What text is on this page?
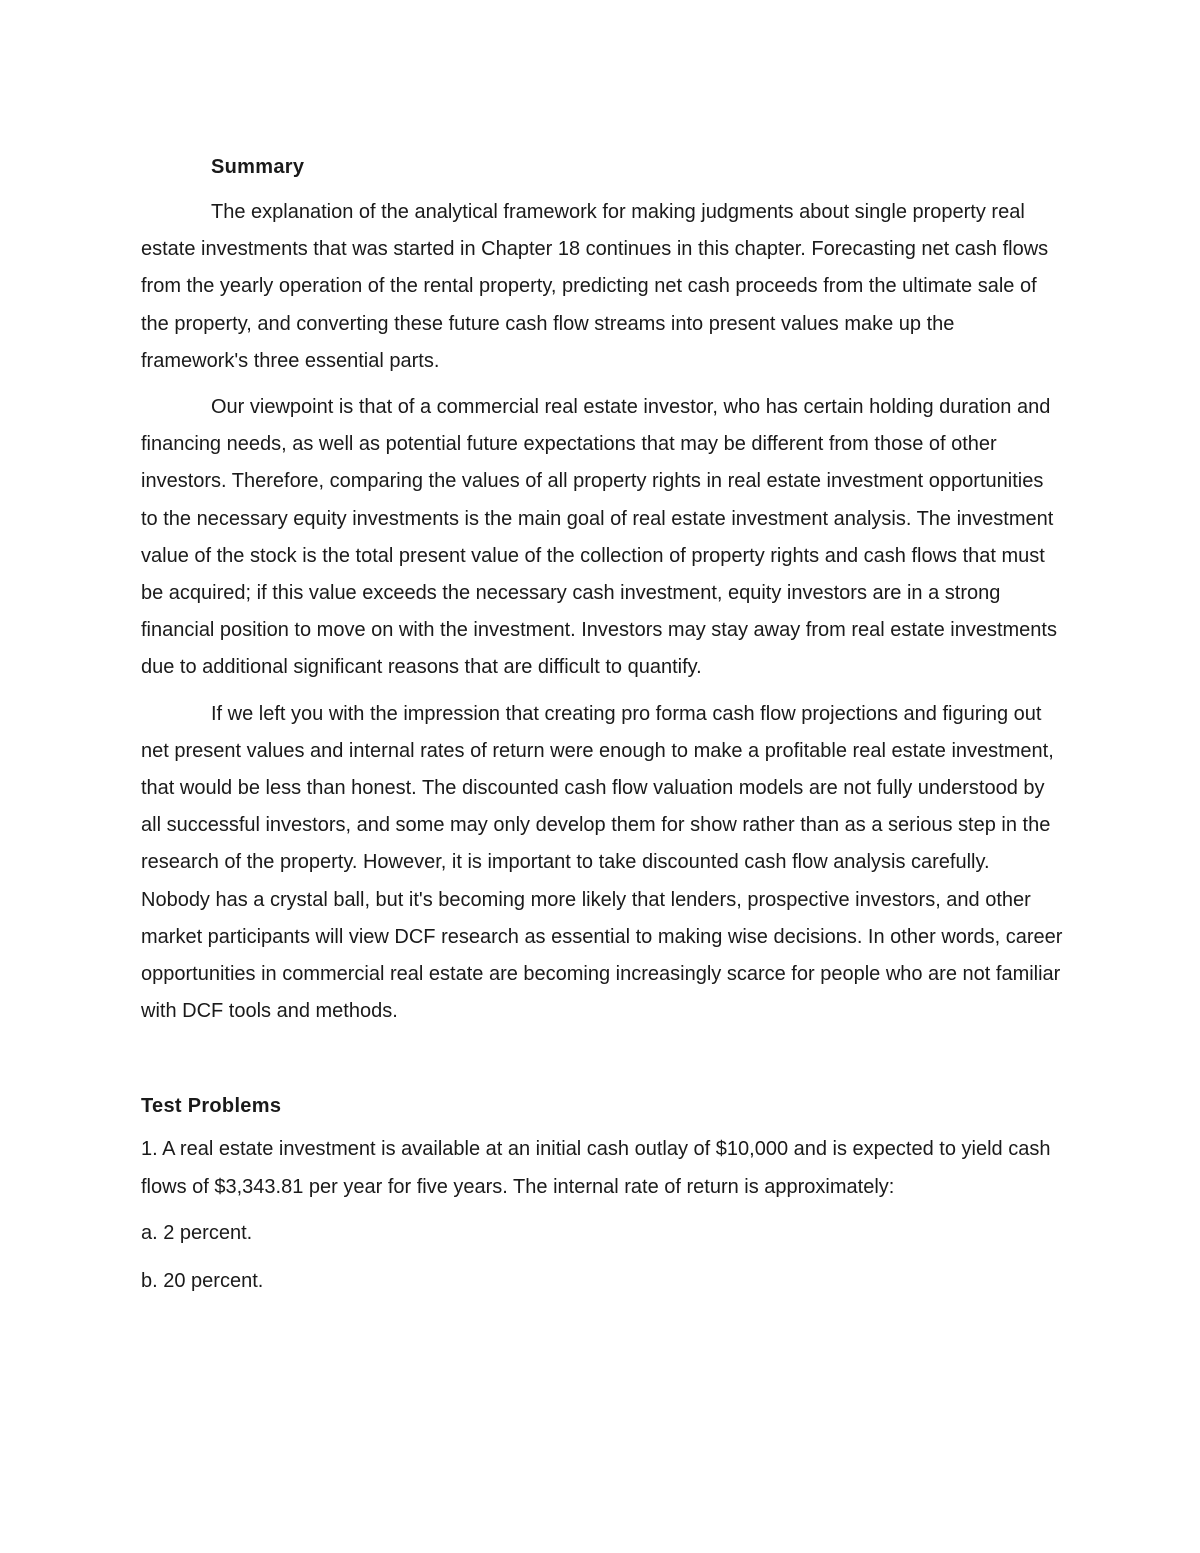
Summary

The explanation of the analytical framework for making judgments about single property real estate investments that was started in Chapter 18 continues in this chapter. Forecasting net cash flows from the yearly operation of the rental property, predicting net cash proceeds from the ultimate sale of the property, and converting these future cash flow streams into present values make up the framework's three essential parts.

Our viewpoint is that of a commercial real estate investor, who has certain holding duration and financing needs, as well as potential future expectations that may be different from those of other investors. Therefore, comparing the values of all property rights in real estate investment opportunities to the necessary equity investments is the main goal of real estate investment analysis. The investment value of the stock is the total present value of the collection of property rights and cash flows that must be acquired; if this value exceeds the necessary cash investment, equity investors are in a strong financial position to move on with the investment. Investors may stay away from real estate investments due to additional significant reasons that are difficult to quantify.

If we left you with the impression that creating pro forma cash flow projections and figuring out net present values and internal rates of return were enough to make a profitable real estate investment, that would be less than honest. The discounted cash flow valuation models are not fully understood by all successful investors, and some may only develop them for show rather than as a serious step in the research of the property. However, it is important to take discounted cash flow analysis carefully. Nobody has a crystal ball, but it's becoming more likely that lenders, prospective investors, and other market participants will view DCF research as essential to making wise decisions. In other words, career opportunities in commercial real estate are becoming increasingly scarce for people who are not familiar with DCF tools and methods.

Test Problems

1. A real estate investment is available at an initial cash outlay of $10,000 and is expected to yield cash flows of $3,343.81 per year for five years. The internal rate of return is approximately:

a. 2 percent.

b. 20 percent.
